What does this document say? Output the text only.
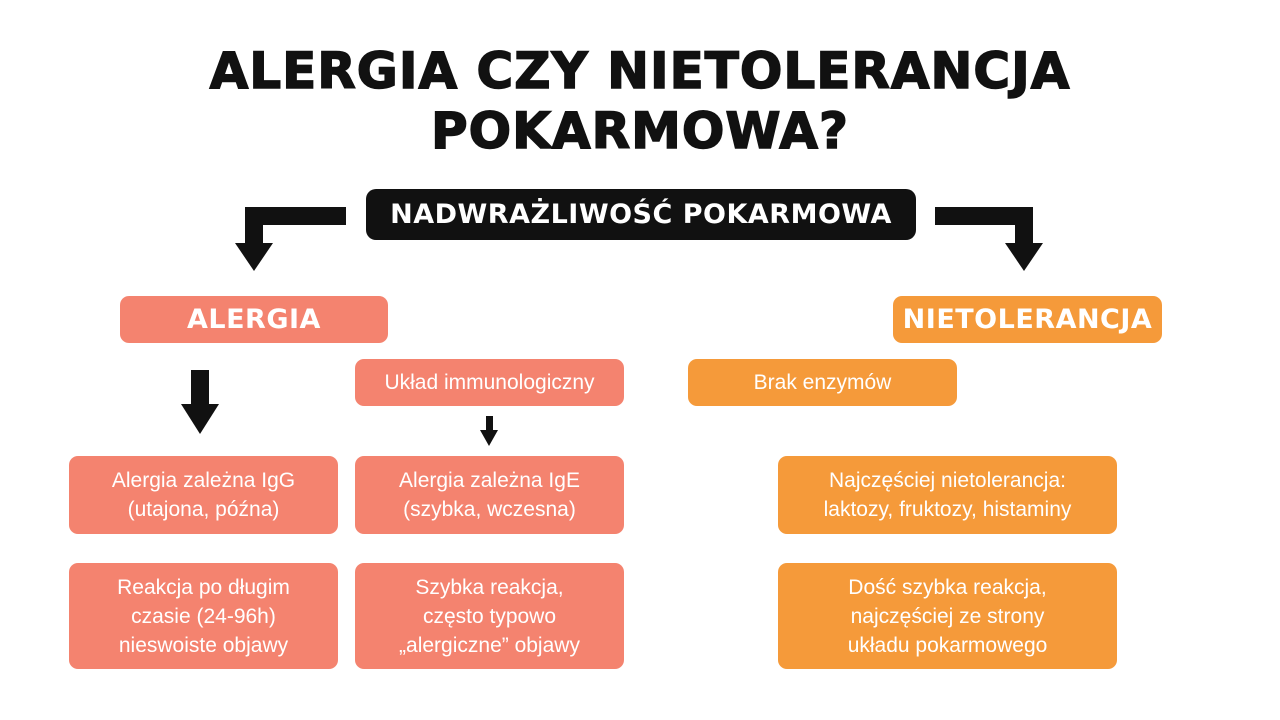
ALERGIA CZY NIETOLERANCJA
POKARMOWA?
NADWRAŻLIWOŚĆ POKARMOWA
ALERGIA	NIETOLERANCJA
Układ immunologiczny	Brak enzymów
Alergia zależna IgG
(utajona, późna)
Alergia zależna IgE
(szybka, wczesna)
Najczęściej nietolerancja:
laktozy, fruktozy, histaminy
Reakcja po długim
czasie (24-96h)
nieswoiste objawy
Szybka reakcja,
często typowo
„alergiczne” objawy
Dość szybka reakcja,
najczęściej ze strony
układu pokarmowego
